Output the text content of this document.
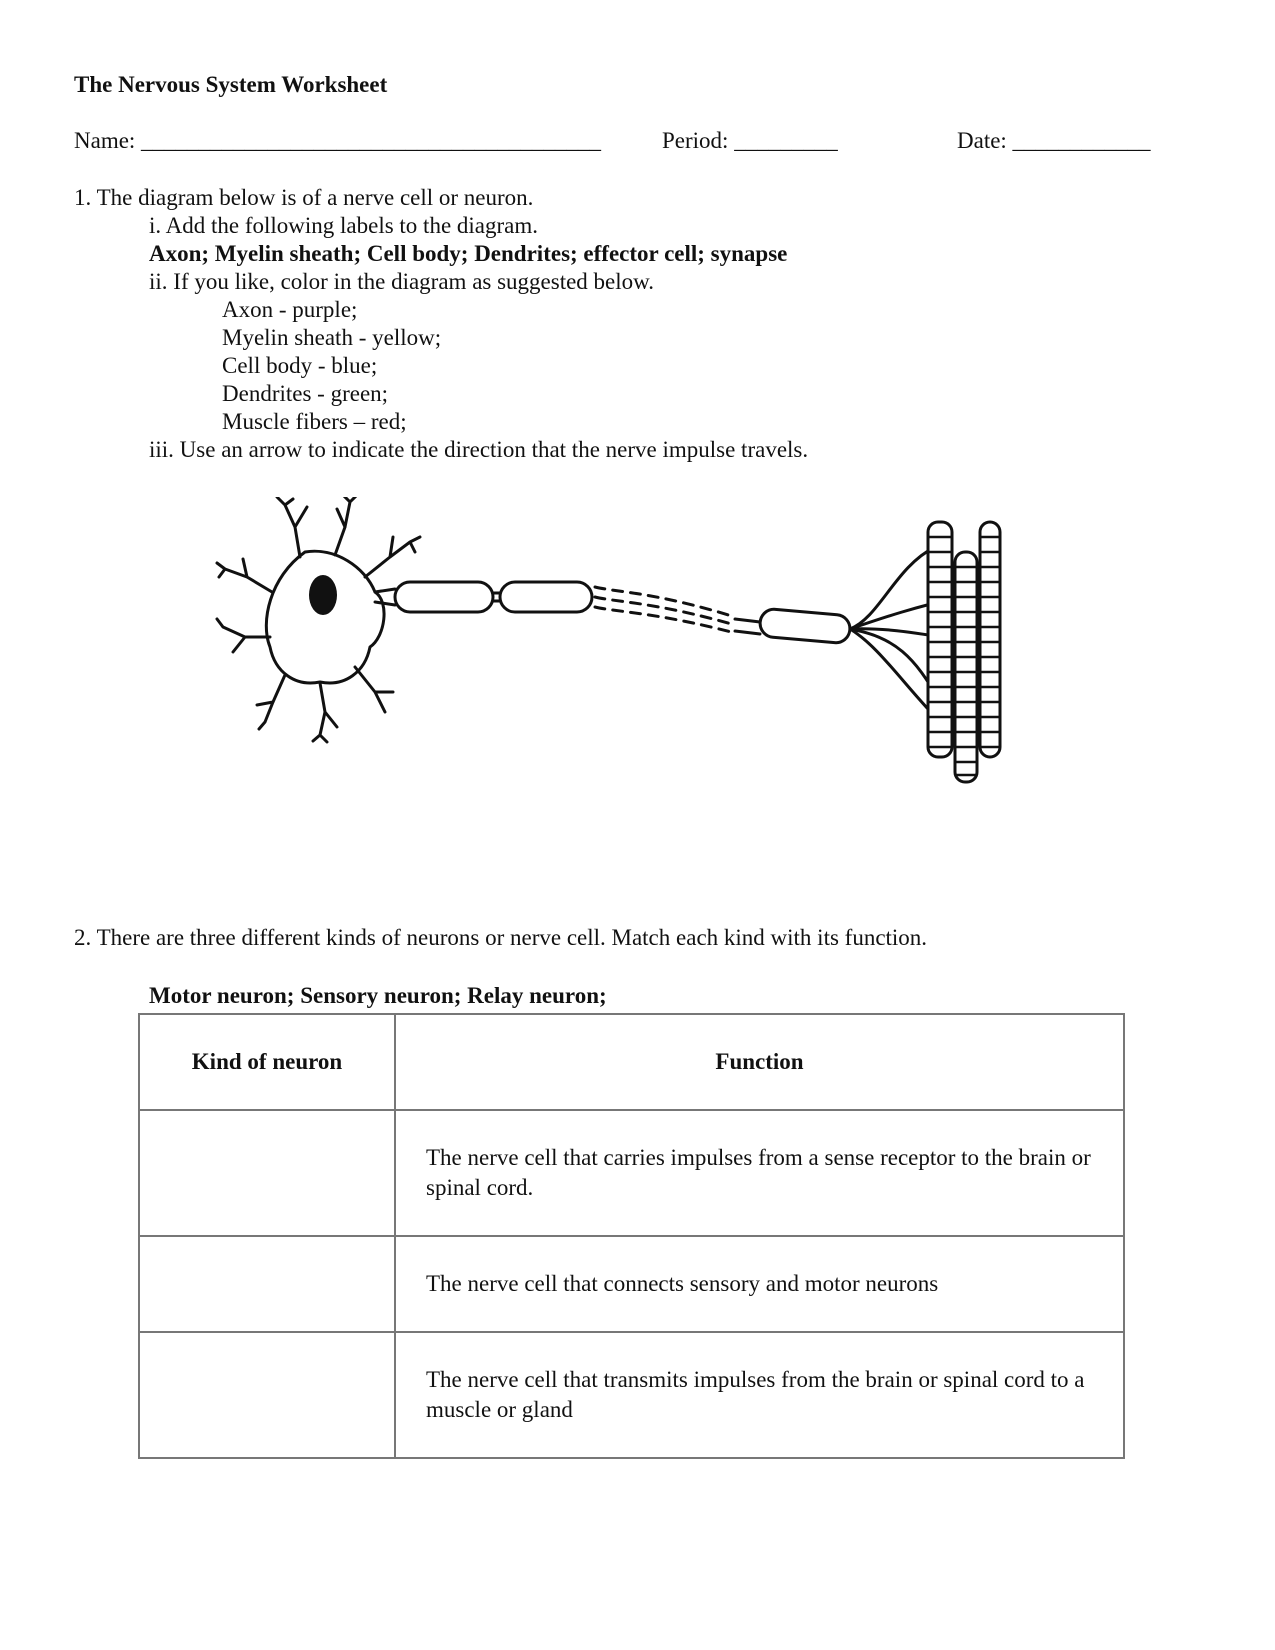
The Nervous System Worksheet
Name: ________________________________________	Period: _________	Date: ____________
1. The diagram below is of a nerve cell or neuron.
i. Add the following labels to the diagram.
Axon; Myelin sheath; Cell body; Dendrites; effector cell; synapse
ii. If you like, color in the diagram as suggested below.
Axon - purple;
Myelin sheath - yellow;
Cell body - blue;
Dendrites - green;
Muscle fibers – red;
iii. Use an arrow to indicate the direction that the nerve impulse travels.
2. There are three different kinds of neurons or nerve cell. Match each kind with its function.
Motor neuron; Sensory neuron; Relay neuron;
Kind of neuron	Function
	The nerve cell that carries impulses from a sense receptor to the brain or spinal cord.
	The nerve cell that connects sensory and motor neurons
	The nerve cell that transmits impulses from the brain or spinal cord to a muscle or gland
